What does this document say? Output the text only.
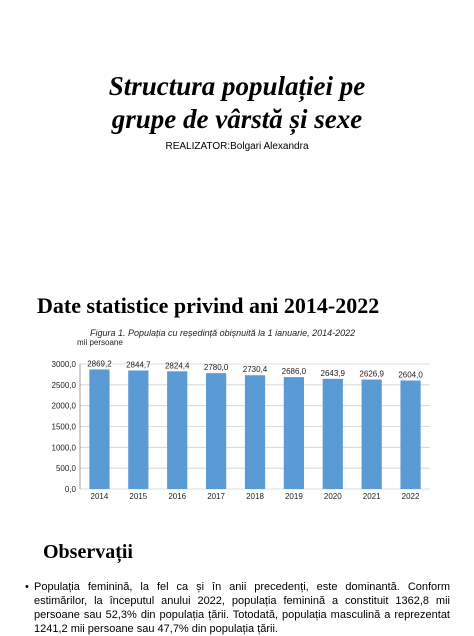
Structura populației pe
grupe de vârstă și sexe
REALIZATOR:Bolgari Alexandra
Date statistice privind ani 2014-2022
Figura 1. Populația cu reședință obișnuită la 1 ianuarie, 2014-2022
mii persoane
0,0
500,0
1000,0
1500,0
2000,0
2500,0
3000,0 2869,2 2844,7 2824,4 2780,0 2730,4 2686,0 2643,9 2626,9 2604,0
2014	2015	2016	2017	2018	2019	2020	2021	2022
Observații
• Populația feminină, la fel ca și în anii precedenți, este dominantă. Conform estimărilor, la începutul anului 2022, populația feminină a constituit 1362,8 mii persoane sau 52,3% din populația țării. Totodată, populația masculină a reprezentat 1241,2 mii persoane sau 47,7% din populația țării.
